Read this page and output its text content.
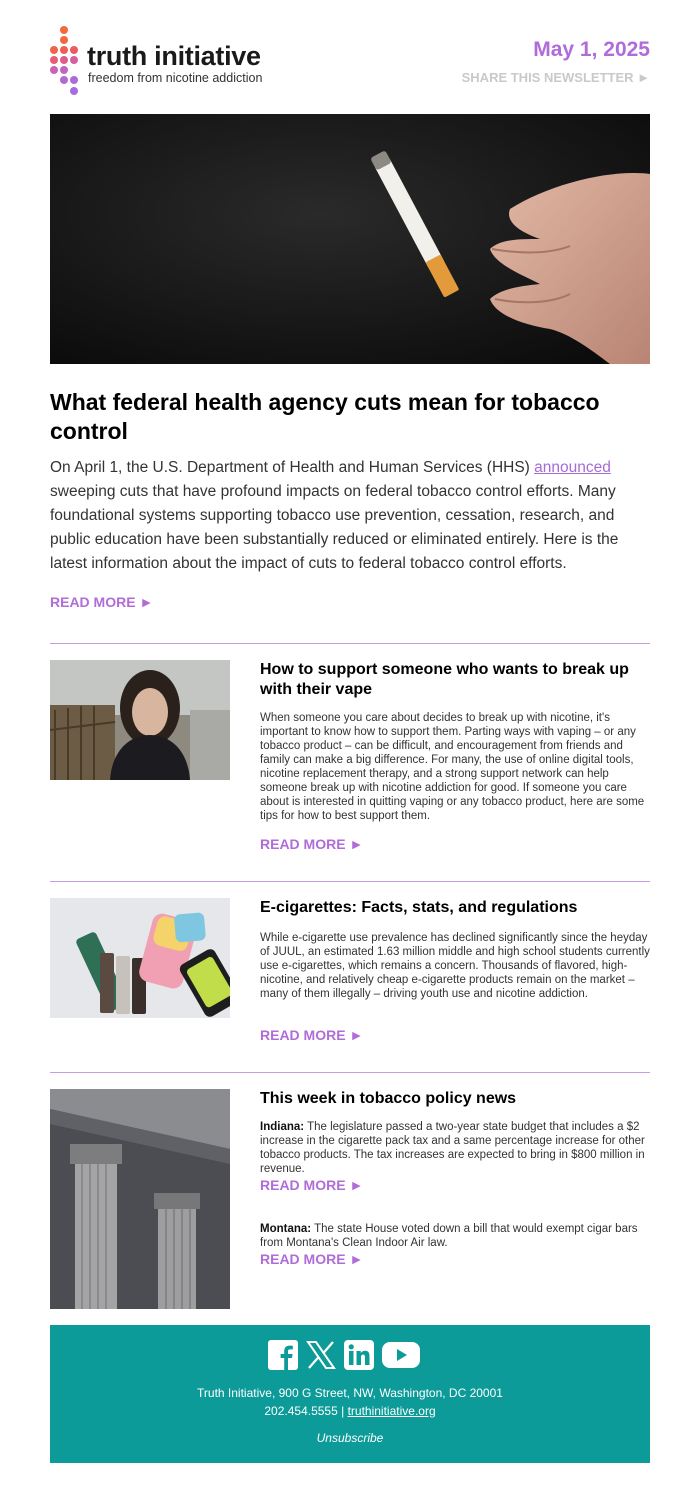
truth initiative
freedom from nicotine addiction
May 1, 2025
SHARE THIS NEWSLETTER ►
What federal health agency cuts mean for tobacco control

On April 1, the U.S. Department of Health and Human Services (HHS) announced sweeping cuts that have profound impacts on federal tobacco control efforts. Many foundational systems supporting tobacco use prevention, cessation, research, and public education have been substantially reduced or eliminated entirely. Here is the latest information about the impact of cuts to federal tobacco control efforts.

READ MORE ►
How to support someone who wants to break up with their vape

When someone you care about decides to break up with nicotine, it's important to know how to support them. Parting ways with vaping – or any tobacco product – can be difficult, and encouragement from friends and family can make a big difference. For many, the use of online digital tools, nicotine replacement therapy, and a strong support network can help someone break up with nicotine addiction for good. If someone you care about is interested in quitting vaping or any tobacco product, here are some tips for how to best support them.

READ MORE ►
E-cigarettes: Facts, stats, and regulations

While e-cigarette use prevalence has declined significantly since the heyday of JUUL, an estimated 1.63 million middle and high school students currently use e-cigarettes, which remains a concern. Thousands of flavored, high-nicotine, and relatively cheap e-cigarette products remain on the market – many of them illegally – driving youth use and nicotine addiction.

READ MORE ►
This week in tobacco policy news

Indiana: The legislature passed a two-year state budget that includes a $2 increase in the cigarette pack tax and a same percentage increase for other tobacco products. The tax increases are expected to bring in $800 million in revenue.

READ MORE ►

Montana: The state House voted down a bill that would exempt cigar bars from Montana's Clean Indoor Air law.

READ MORE ►
Truth Initiative, 900 G Street, NW, Washington, DC 20001
202.454.5555 | truthinitiative.org
Unsubscribe
